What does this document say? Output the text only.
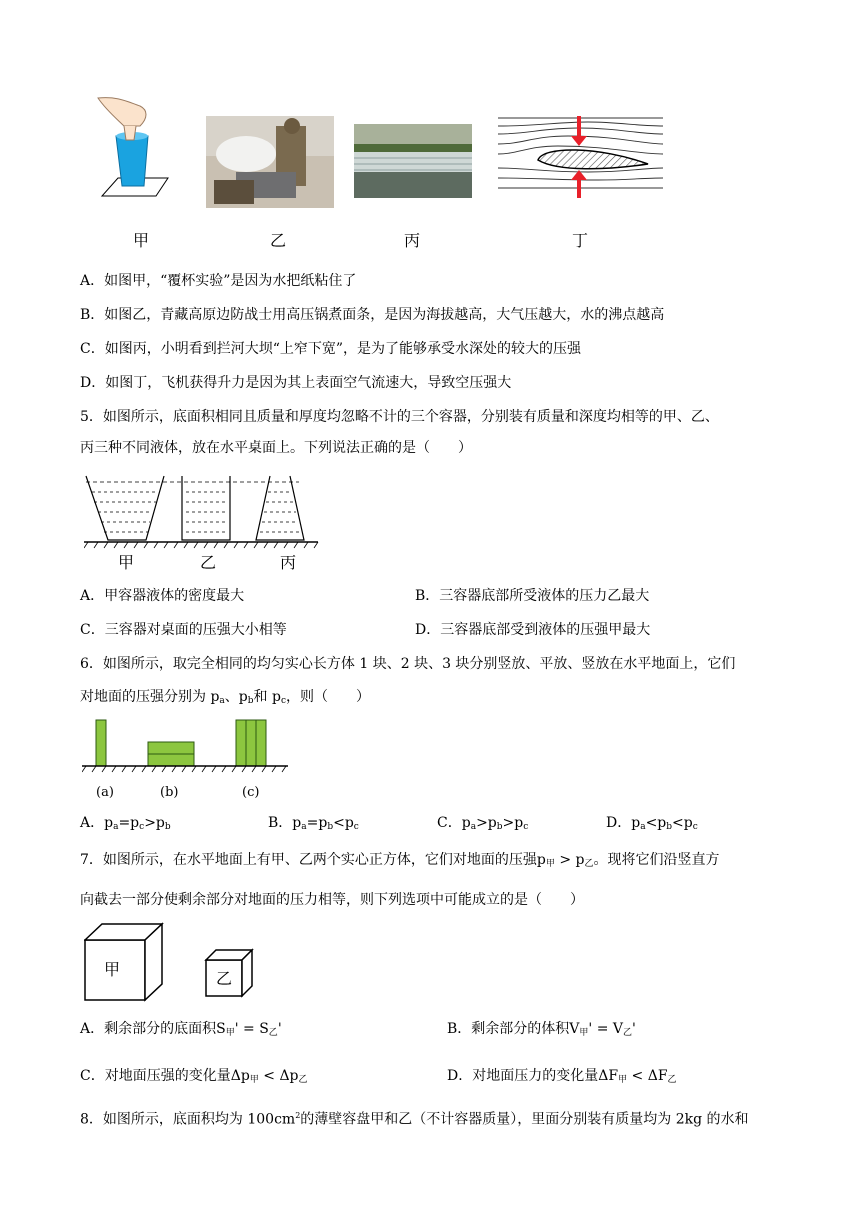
甲	乙	丙	丁
A．如图甲，“覆杯实验”是因为水把纸粘住了
B．如图乙，青藏高原边防战士用高压锅煮面条，是因为海拔越高，大气压越大，水的沸点越高
C．如图丙，小明看到拦河大坝“上窄下宽”，是为了能够承受水深处的较大的压强
D．如图丁，飞机获得升力是因为其上表面空气流速大，导致空压强大
5．如图所示，底面积相同且质量和厚度均忽略不计的三个容器，分别装有质量和深度均相等的甲、乙、
丙三种不同液体，放在水平桌面上。下列说法正确的是（　　）
甲	乙	丙
A．甲容器液体的密度最大	B．三容器底部所受液体的压力乙最大
C．三容器对桌面的压强大小相等	D．三容器底部受到液体的压强甲最大
6．如图所示，取完全相同的均匀实心长方体 1 块、2 块、3 块分别竖放、平放、竖放在水平地面上，它们
对地面的压强分别为 $p_a$、$p_b$和 $p_c$，则（　　）
(a)	(b)	(c)
A．$p_a=p_c>p_b$	B．$p_a=p_b<p_c$	C．$p_a>p_b>p_c$	D．$p_a<p_b<p_c$
7．如图所示，在水平地面上有甲、乙两个实心正方体，它们对地面的压强$p_甲 > p_乙$。现将它们沿竖直方
向截去一部分使剩余部分对地面的压力相等，则下列选项中可能成立的是（　　）
甲	乙
A．剩余部分的底面积$S_甲' = S_乙'$	B．剩余部分的体积$V_甲' = V_乙'$
C．对地面压强的变化量$\Delta p_甲 < \Delta p_乙$	D．对地面压力的变化量$\Delta F_甲 < \Delta F_乙$
8．如图所示，底面积均为 $100cm^2$的薄壁容盘甲和乙（不计容器质量），里面分别装有质量均为 2kg 的水和
